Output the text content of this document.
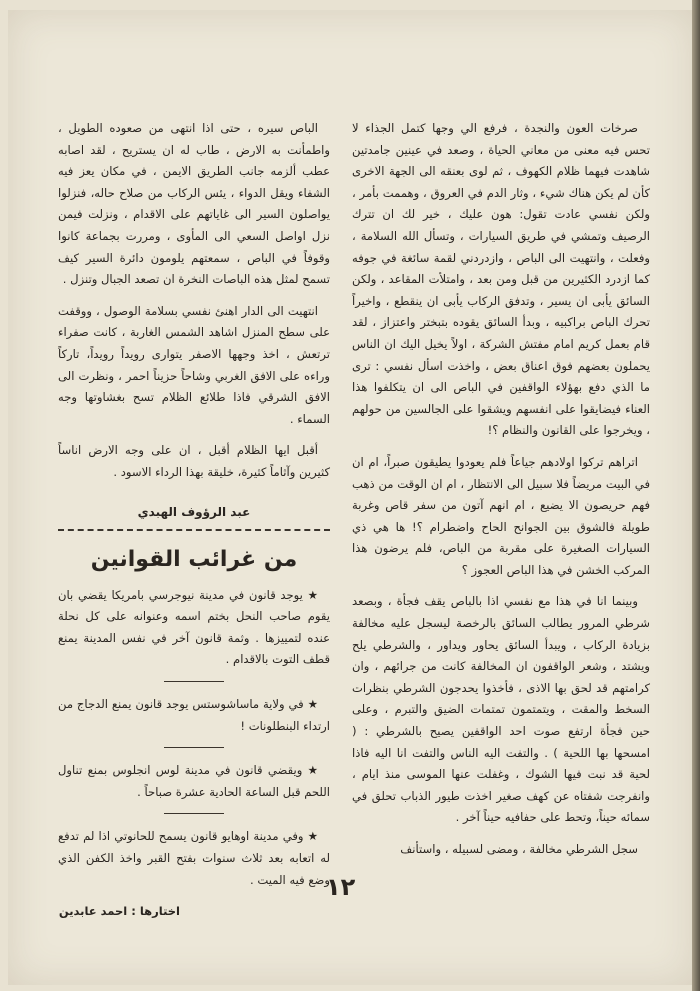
صرخات العون والنجدة ، فرفع الي وجها كتمل الجذاء لا تحس فيه معنى من معاني الحياة ، وصعد في عينين جامدتين شاهدت فيهما ظلام الكهوف ، ثم لوى بعنقه الى الجهة الاخرى كأن لم يكن هناك شيء ، وثار الدم في العروق ، وهممت بأمر ، ولكن نفسي عادت تقول: هون عليك ، خير لك ان تترك الرصيف وتمشي في طريق السيارات ، وتسأل الله السلامة ، وفعلت ، وانتهيت الى الباص ، وازدردني لقمة سائغة في جوفه كما ازدرد الكثيرين من قبل ومن بعد ، وامتلأت المقاعد ، ولكن السائق يأبى ان يسير ، وتدفق الركاب يأبى ان ينقطع ، واخيراً تحرك الباص براكبيه ، وبدأ السائق يقوده بتبختر واعتزاز ، لقد قام بعمل كريم امام مفتش الشركة ، اولاً يخيل اليك ان الناس يحملون بعضهم فوق اعناق بعض ، واخذت اسأل نفسي : ترى ما الذي دفع بهؤلاء الواقفين في الباص الى ان يتكلفوا هذا العناء فيضايقوا على انفسهم ويشقوا على الجالسين من حولهم ، ويخرجوا على القانون والنظام ؟!

اتراهم تركوا اولادهم جياعاً فلم يعودوا يطيقون صبراً، ام ان في البيت مريضاً فلا سبيل الى الانتظار ، ام ان الوقت من ذهب فهم حريصون الا يضيع ، ام انهم آتون من سفر قاص وغربة طويلة فالشوق بين الجوانح الحاح واضطرام ؟! ها هي ذي السيارات الصغيرة على مقربة من الباص، فلم يرضون هذا المركب الخشن في هذا الباص العجوز ؟

وبينما انا في هذا مع نفسي اذا بالباص يقف فجأة ، وبصعد شرطي المرور يطالب السائق بالرخصة ليسجل عليه مخالفة بزيادة الركاب ، ويبدأ السائق يحاور ويداور ، والشرطي يلح ويشتد ، وشعر الواقفون ان المخالفة كانت من جرائهم ، وان كرامتهم قد لحق بها الاذى ، فأخذوا يحدجون الشرطي بنظرات السخط والمقت ، ويتمتمون تمتمات الضيق والتبرم ، وعلى حين فجأة ارتفع صوت احد الواقفين يصيح بالشرطي : ( امسحها بها اللحية ) . والتفت اليه الناس والتفت انا اليه فاذا لحية قد نبت فيها الشوك ، وغفلت عنها الموسى منذ ايام ، وانفرجت شفتاه عن كهف صغير اخذت طيور الذباب تحلق في سمائه حيناً، وتحط على حفافيه حيناً آخر .

سجل الشرطي مخالفة ، ومضى لسبيله ، واستأنف

الباص سيره ، حتى اذا انتهى من صعوده الطويل ، واطمأنت به الارض ، طاب له ان يستريح ، لقد اصابه عطب ألزمه جانب الطريق الايمن ، في مكان يعز فيه الشفاء ويقل الدواء ، يئس الركاب من صلاح حاله، فنزلوا يواصلون السير الى غاياتهم على الاقدام ، ونزلت فيمن نزل اواصل السعي الى المأوى ، ومررت بجماعة كانوا وقوفاً في الباص ، سمعتهم يلومون دائرة السير كيف تسمح لمثل هذه الباصات النخرة ان تصعد الجبال وتنزل .

انتهيت الى الدار اهنئ نفسي بسلامة الوصول ، ووقفت على سطح المنزل اشاهد الشمس الغاربة ، كانت صفراء ترتعش ، اخذ وجهها الاصفر يتوارى رويداً رويداً، تاركاً وراءه على الافق الغربي وشاحاً حزيناً احمر ، ونظرت الى الافق الشرقي فاذا طلائع الظلام تسح بغشاوتها وجه السماء .

أقبل ايها الظلام أقبل ، ان على وجه الارض اناساً كثيرين وآثاماً كثيرة، خليقة بهذا الرداء الاسود .

عبد الرؤوف الهبدي
من غرائب القوانين

★ يوجد قانون في مدينة نيوجرسي بامريكا يقضي بان يقوم صاحب النحل بختم اسمه وعنوانه على كل نحلة عنده لتمييزها . وثمة قانون آخر في نفس المدينة يمنع قطف التوت بالاقدام .

★ في ولاية ماساشوستس يوجد قانون يمنع الدجاج من ارتداء البنطلونات !

★ ويقضي قانون في مدينة لوس انجلوس بمنع تناول اللحم قبل الساعة الحادية عشرة صباحاً .

★ وفي مدينة اوهايو قانون يسمح للحانوتي اذا لم تدفع له اتعابه بعد ثلاث سنوات بفتح القبر واخذ الكفن الذي وضع فيه الميت .

اختارها : احمد عابدين
١٢
